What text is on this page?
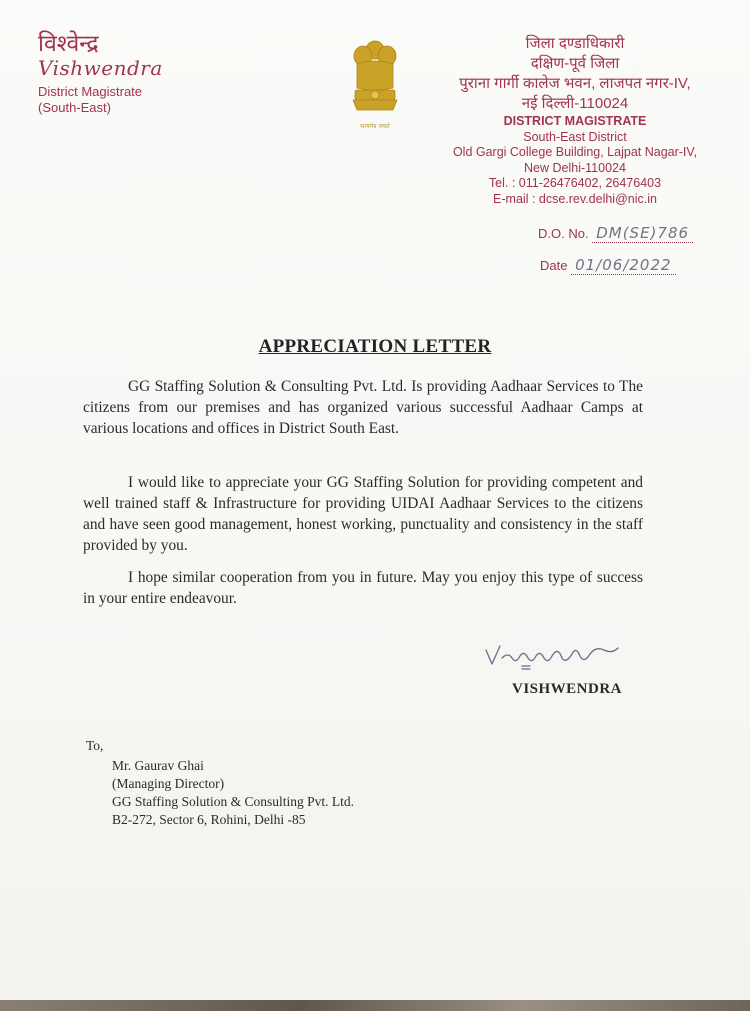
विश्वेन्द्र
Vishwendra
District Magistrate
(South-East)
सत्यमेव जयते
जिला दण्डाधिकारी
दक्षिण-पूर्व जिला
पुराना गार्गी कालेज भवन, लाजपत नगर-IV,
नई दिल्ली-110024
DISTRICT MAGISTRATE
South-East District
Old Gargi College Building, Lajpat Nagar-IV,
New Delhi-110024
Tel. : 011-26476402, 26476403
E-mail : dcse.rev.delhi@nic.in
D.O. No. DM(SE)786
Date 01/06/2022
APPRECIATION LETTER
GG Staffing Solution & Consulting Pvt. Ltd. Is providing Aadhaar Services to The citizens from our premises and has organized various successful Aadhaar Camps at various locations and offices in District South East.
I would like to appreciate your GG Staffing Solution for providing competent and well trained staff & Infrastructure for providing UIDAI Aadhaar Services to the citizens and have seen good management, honest working, punctuality and consistency in the staff provided by you.
I hope similar cooperation from you in future. May you enjoy this type of success in your entire endeavour.
VISHWENDRA
To,
Mr. Gaurav Ghai
(Managing Director)
GG Staffing Solution & Consulting Pvt. Ltd.
B2-272, Sector 6, Rohini, Delhi -85
